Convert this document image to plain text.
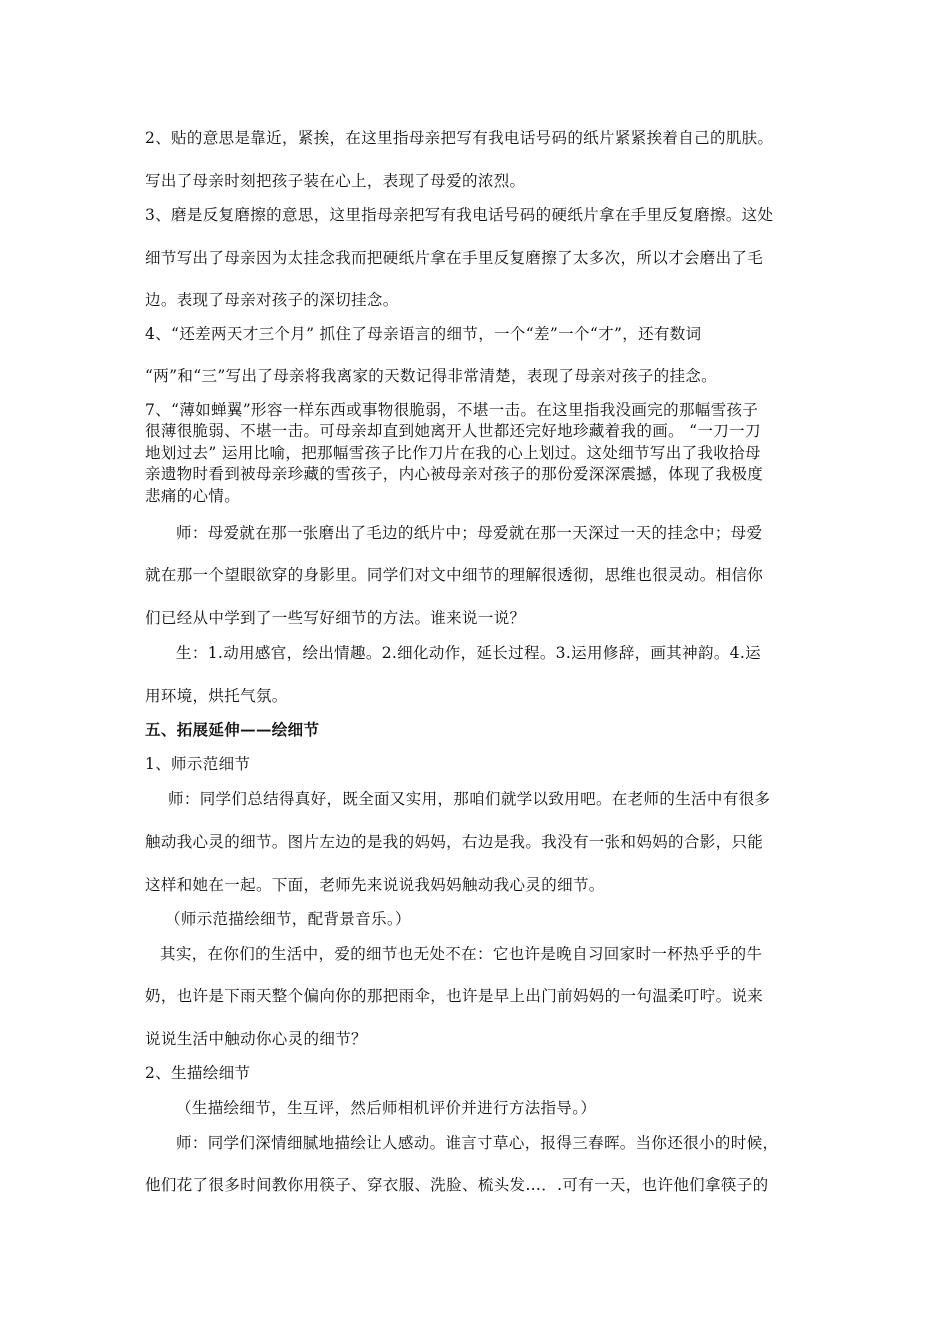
2、贴的意思是靠近，紧挨，在这里指母亲把写有我电话号码的纸片紧紧挨着自己的肌肤。
写出了母亲时刻把孩子装在心上，表现了母爱的浓烈。
3、磨是反复磨擦的意思，这里指母亲把写有我电话号码的硬纸片拿在手里反复磨擦。这处
细节写出了母亲因为太挂念我而把硬纸片拿在手里反复磨擦了太多次，所以才会磨出了毛
边。表现了母亲对孩子的深切挂念。
4、“还差两天才三个月” 抓住了母亲语言的细节，一个“差”一个“才”，还有数词
“两”和“三”写出了母亲将我离家的天数记得非常清楚，表现了母亲对孩子的挂念。
7、“薄如蝉翼”形容一样东西或事物很脆弱，不堪一击。在这里指我没画完的那幅雪孩子
很薄很脆弱、不堪一击。可母亲却直到她离开人世都还完好地珍藏着我的画。 “一刀一刀
地划过去” 运用比喻，把那幅雪孩子比作刀片在我的心上划过。这处细节写出了我收拾母
亲遗物时看到被母亲珍藏的雪孩子，内心被母亲对孩子的那份爱深深震撼，体现了我极度
悲痛的心情。
师：母爱就在那一张磨出了毛边的纸片中；母爱就在那一天深过一天的挂念中；母爱
就在那一个望眼欲穿的身影里。同学们对文中细节的理解很透彻，思维也很灵动。相信你
们已经从中学到了一些写好细节的方法。谁来说一说？
生：1.动用感官，绘出情趣。2.细化动作，延长过程。3.运用修辞，画其神韵。4.运
用环境，烘托气氛。
五、拓展延伸——绘细节
1、师示范细节
师：同学们总结得真好，既全面又实用，那咱们就学以致用吧。在老师的生活中有很多
触动我心灵的细节。图片左边的是我的妈妈，右边是我。我没有一张和妈妈的合影，只能
这样和她在一起。下面，老师先来说说我妈妈触动我心灵的细节。
（师示范描绘细节，配背景音乐。）
其实，在你们的生活中，爱的细节也无处不在：它也许是晚自习回家时一杯热乎乎的牛
奶，也许是下雨天整个偏向你的那把雨伞，也许是早上出门前妈妈的一句温柔叮咛。说来
说说生活中触动你心灵的细节？
2、生描绘细节
（生描绘细节，生互评，然后师相机评价并进行方法指导。）
师：同学们深情细腻地描绘让人感动。谁言寸草心，报得三春晖。当你还很小的时候，
他们花了很多时间教你用筷子、穿衣服、洗脸、梳头发…．.可有一天，也许他们拿筷子的
